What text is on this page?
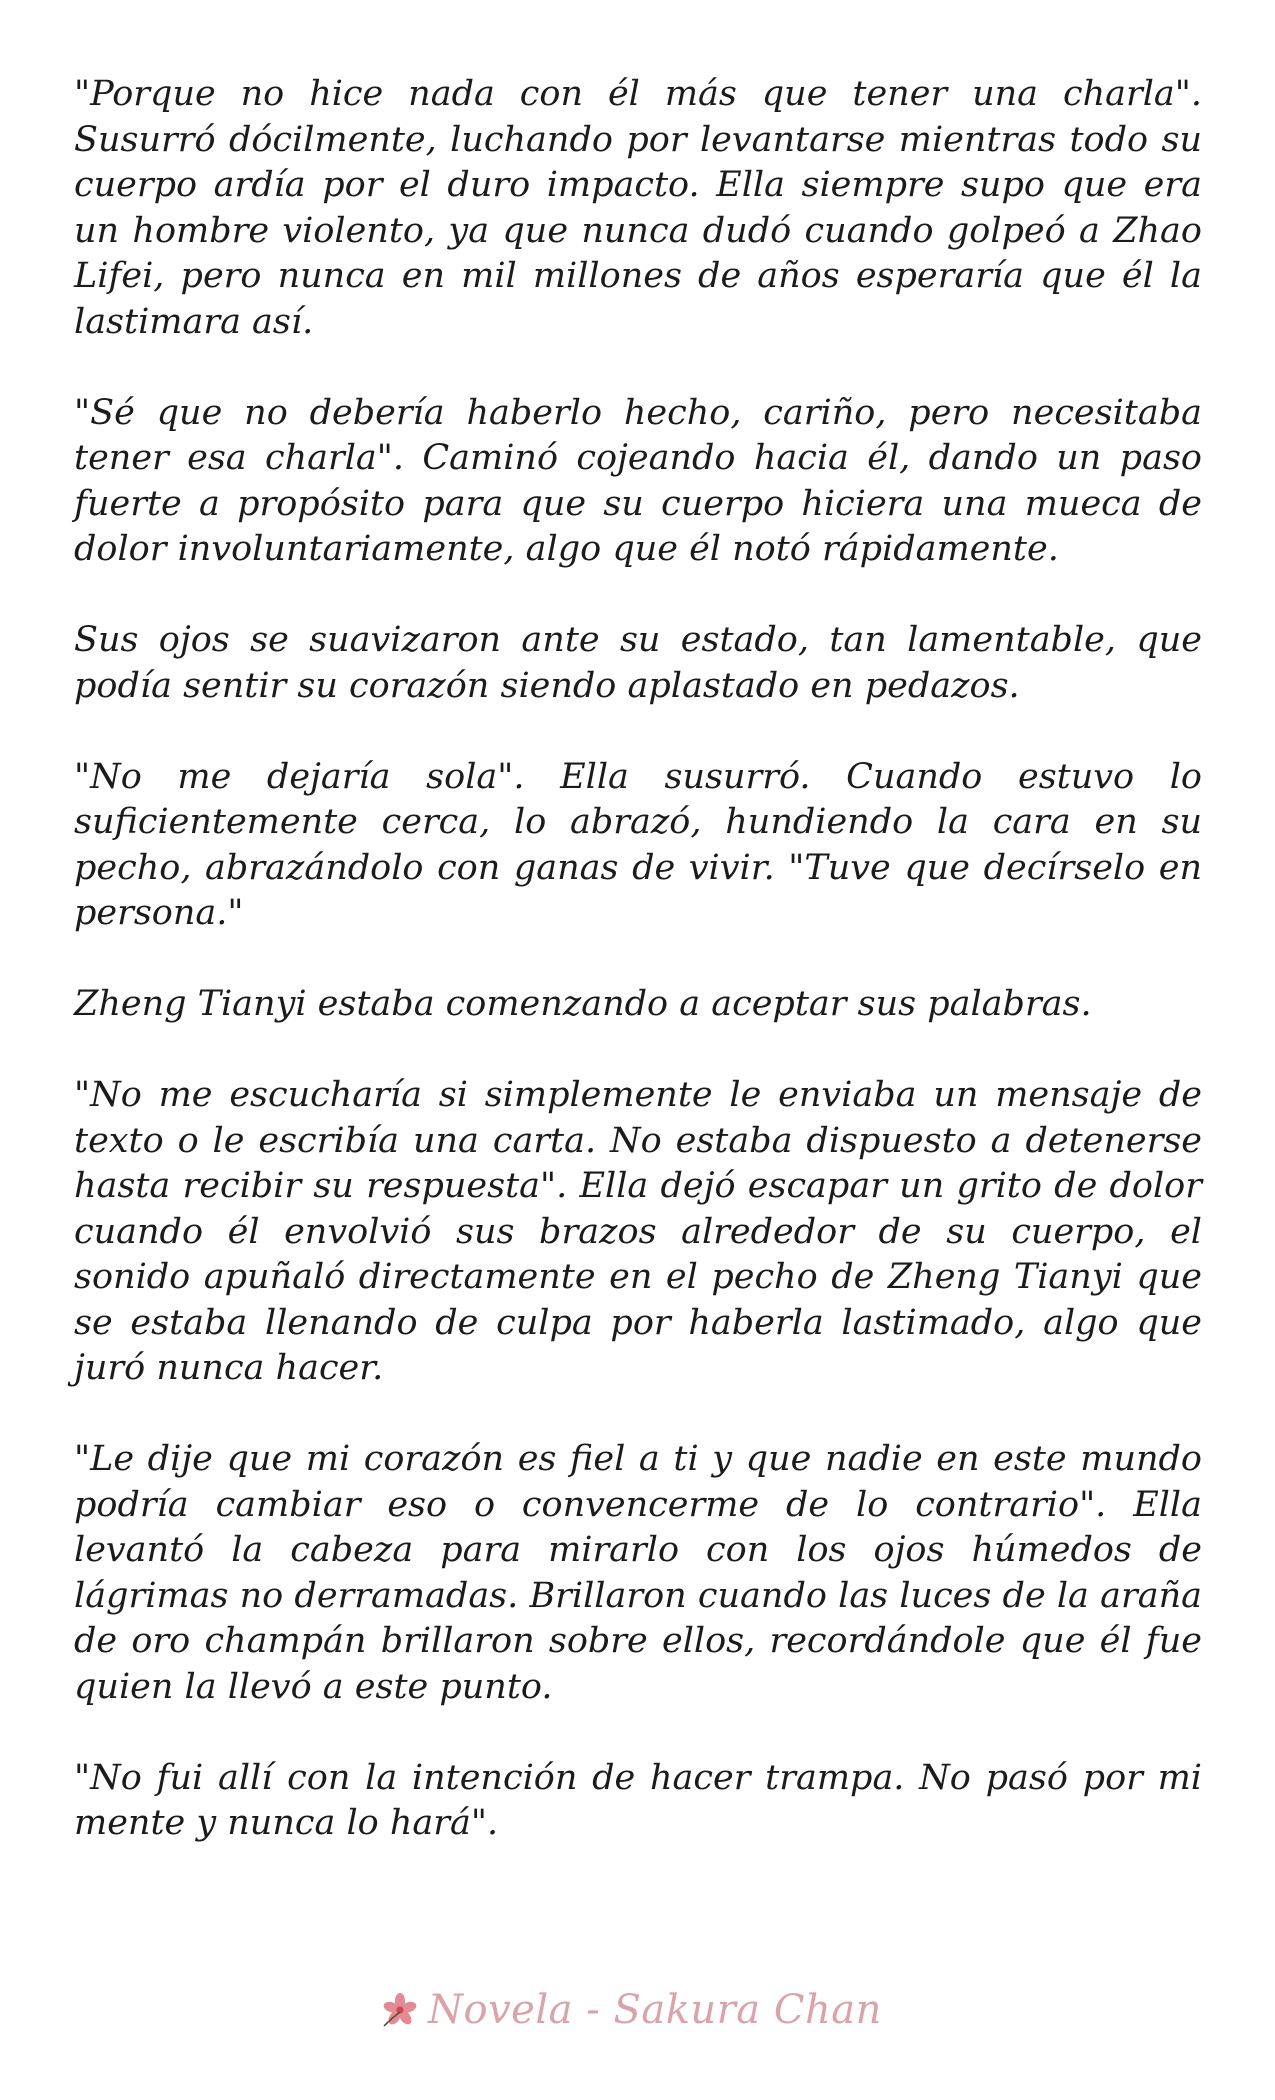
"Porque no hice nada con él más que tener una charla". Susurró dócilmente, luchando por levantarse mientras todo su cuerpo ardía por el duro impacto. Ella siempre supo que era un hombre violento, ya que nunca dudó cuando golpeó a Zhao Lifei, pero nunca en mil millones de años esperaría que él la lastimara así.

"Sé que no debería haberlo hecho, cariño, pero necesitaba tener esa charla". Caminó cojeando hacia él, dando un paso fuerte a propósito para que su cuerpo hiciera una mueca de dolor involuntariamente, algo que él notó rápidamente.

Sus ojos se suavizaron ante su estado, tan lamentable, que podía sentir su corazón siendo aplastado en pedazos.

"No me dejaría sola". Ella susurró. Cuando estuvo lo suficientemente cerca, lo abrazó, hundiendo la cara en su pecho, abrazándolo con ganas de vivir. "Tuve que decírselo en persona."

Zheng Tianyi estaba comenzando a aceptar sus palabras.

"No me escucharía si simplemente le enviaba un mensaje de texto o le escribía una carta. No estaba dispuesto a detenerse hasta recibir su respuesta". Ella dejó escapar un grito de dolor cuando él envolvió sus brazos alrededor de su cuerpo, el sonido apuñaló directamente en el pecho de Zheng Tianyi que se estaba llenando de culpa por haberla lastimado, algo que juró nunca hacer.

"Le dije que mi corazón es fiel a ti y que nadie en este mundo podría cambiar eso o convencerme de lo contrario". Ella levantó la cabeza para mirarlo con los ojos húmedos de lágrimas no derramadas. Brillaron cuando las luces de la araña de oro champán brillaron sobre ellos, recordándole que él fue quien la llevó a este punto.

"No fui allí con la intención de hacer trampa. No pasó por mi mente y nunca lo hará".

Novela - Sakura Chan
